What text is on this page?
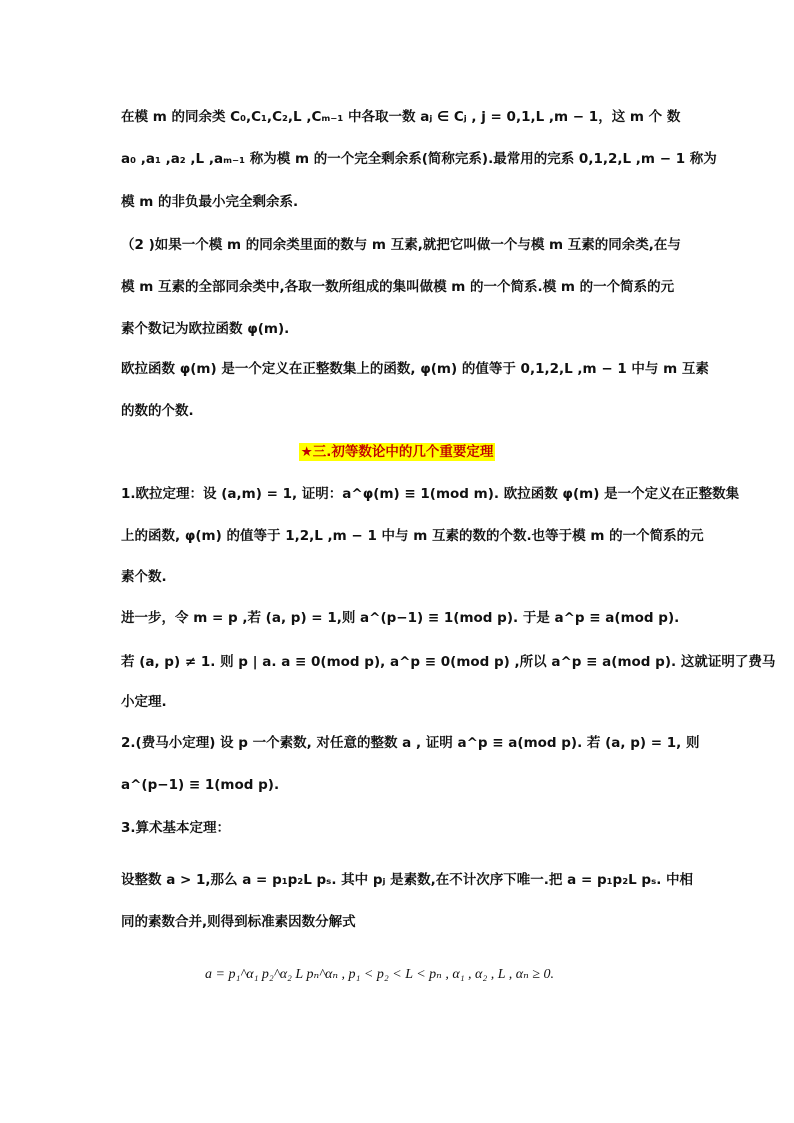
在模 m 的同余类 C₀,C₁,C₂,L ,Cₘ₋₁ 中各取一数 aⱼ ∈ Cⱼ , j = 0,1,L ,m − 1，这 m 个 数
a₀ ,a₁ ,a₂ ,L ,aₘ₋₁ 称为模 m 的一个完全剩余系(简称完系).最常用的完系 0,1,2,L ,m − 1 称为
模 m 的非负最小完全剩余系.
（2 )如果一个模 m 的同余类里面的数与 m 互素,就把它叫做一个与模 m 互素的同余类,在与
模 m 互素的全部同余类中,各取一数所组成的集叫做模 m 的一个简系.模 m 的一个简系的元
素个数记为欧拉函数 φ(m).
欧拉函数 φ(m) 是一个定义在正整数集上的函数, φ(m) 的值等于 0,1,2,L ,m − 1 中与 m 互素
的数的个数.
★三.初等数论中的几个重要定理
1.欧拉定理：设 (a,m) = 1, 证明：a^φ(m) ≡ 1(mod m). 欧拉函数 φ(m) 是一个定义在正整数集
上的函数, φ(m) 的值等于 1,2,L ,m − 1 中与 m 互素的数的个数.也等于模 m 的一个简系的元
素个数.
进一步，令 m = p ,若 (a, p) = 1,则 a^(p−1) ≡ 1(mod p). 于是 a^p ≡ a(mod p).
若 (a, p) ≠ 1. 则 p | a. a ≡ 0(mod p), a^p ≡ 0(mod p) ,所以 a^p ≡ a(mod p). 这就证明了费马
小定理.
2.(费马小定理) 设 p 一个素数, 对任意的整数 a , 证明 a^p ≡ a(mod p). 若 (a, p) = 1, 则
a^(p−1) ≡ 1(mod p).
3.算术基本定理：
设整数 a > 1,那么 a = p₁p₂L pₛ. 其中 pⱼ 是素数,在不计次序下唯一.把 a = p₁p₂L pₛ. 中相
同的素数合并,则得到标准素因数分解式
a = p₁^α₁ p₂^α₂ L pₙ^αₙ , p₁ < p₂ < L < pₙ , α₁ , α₂ , L , αₙ ≥ 0.
